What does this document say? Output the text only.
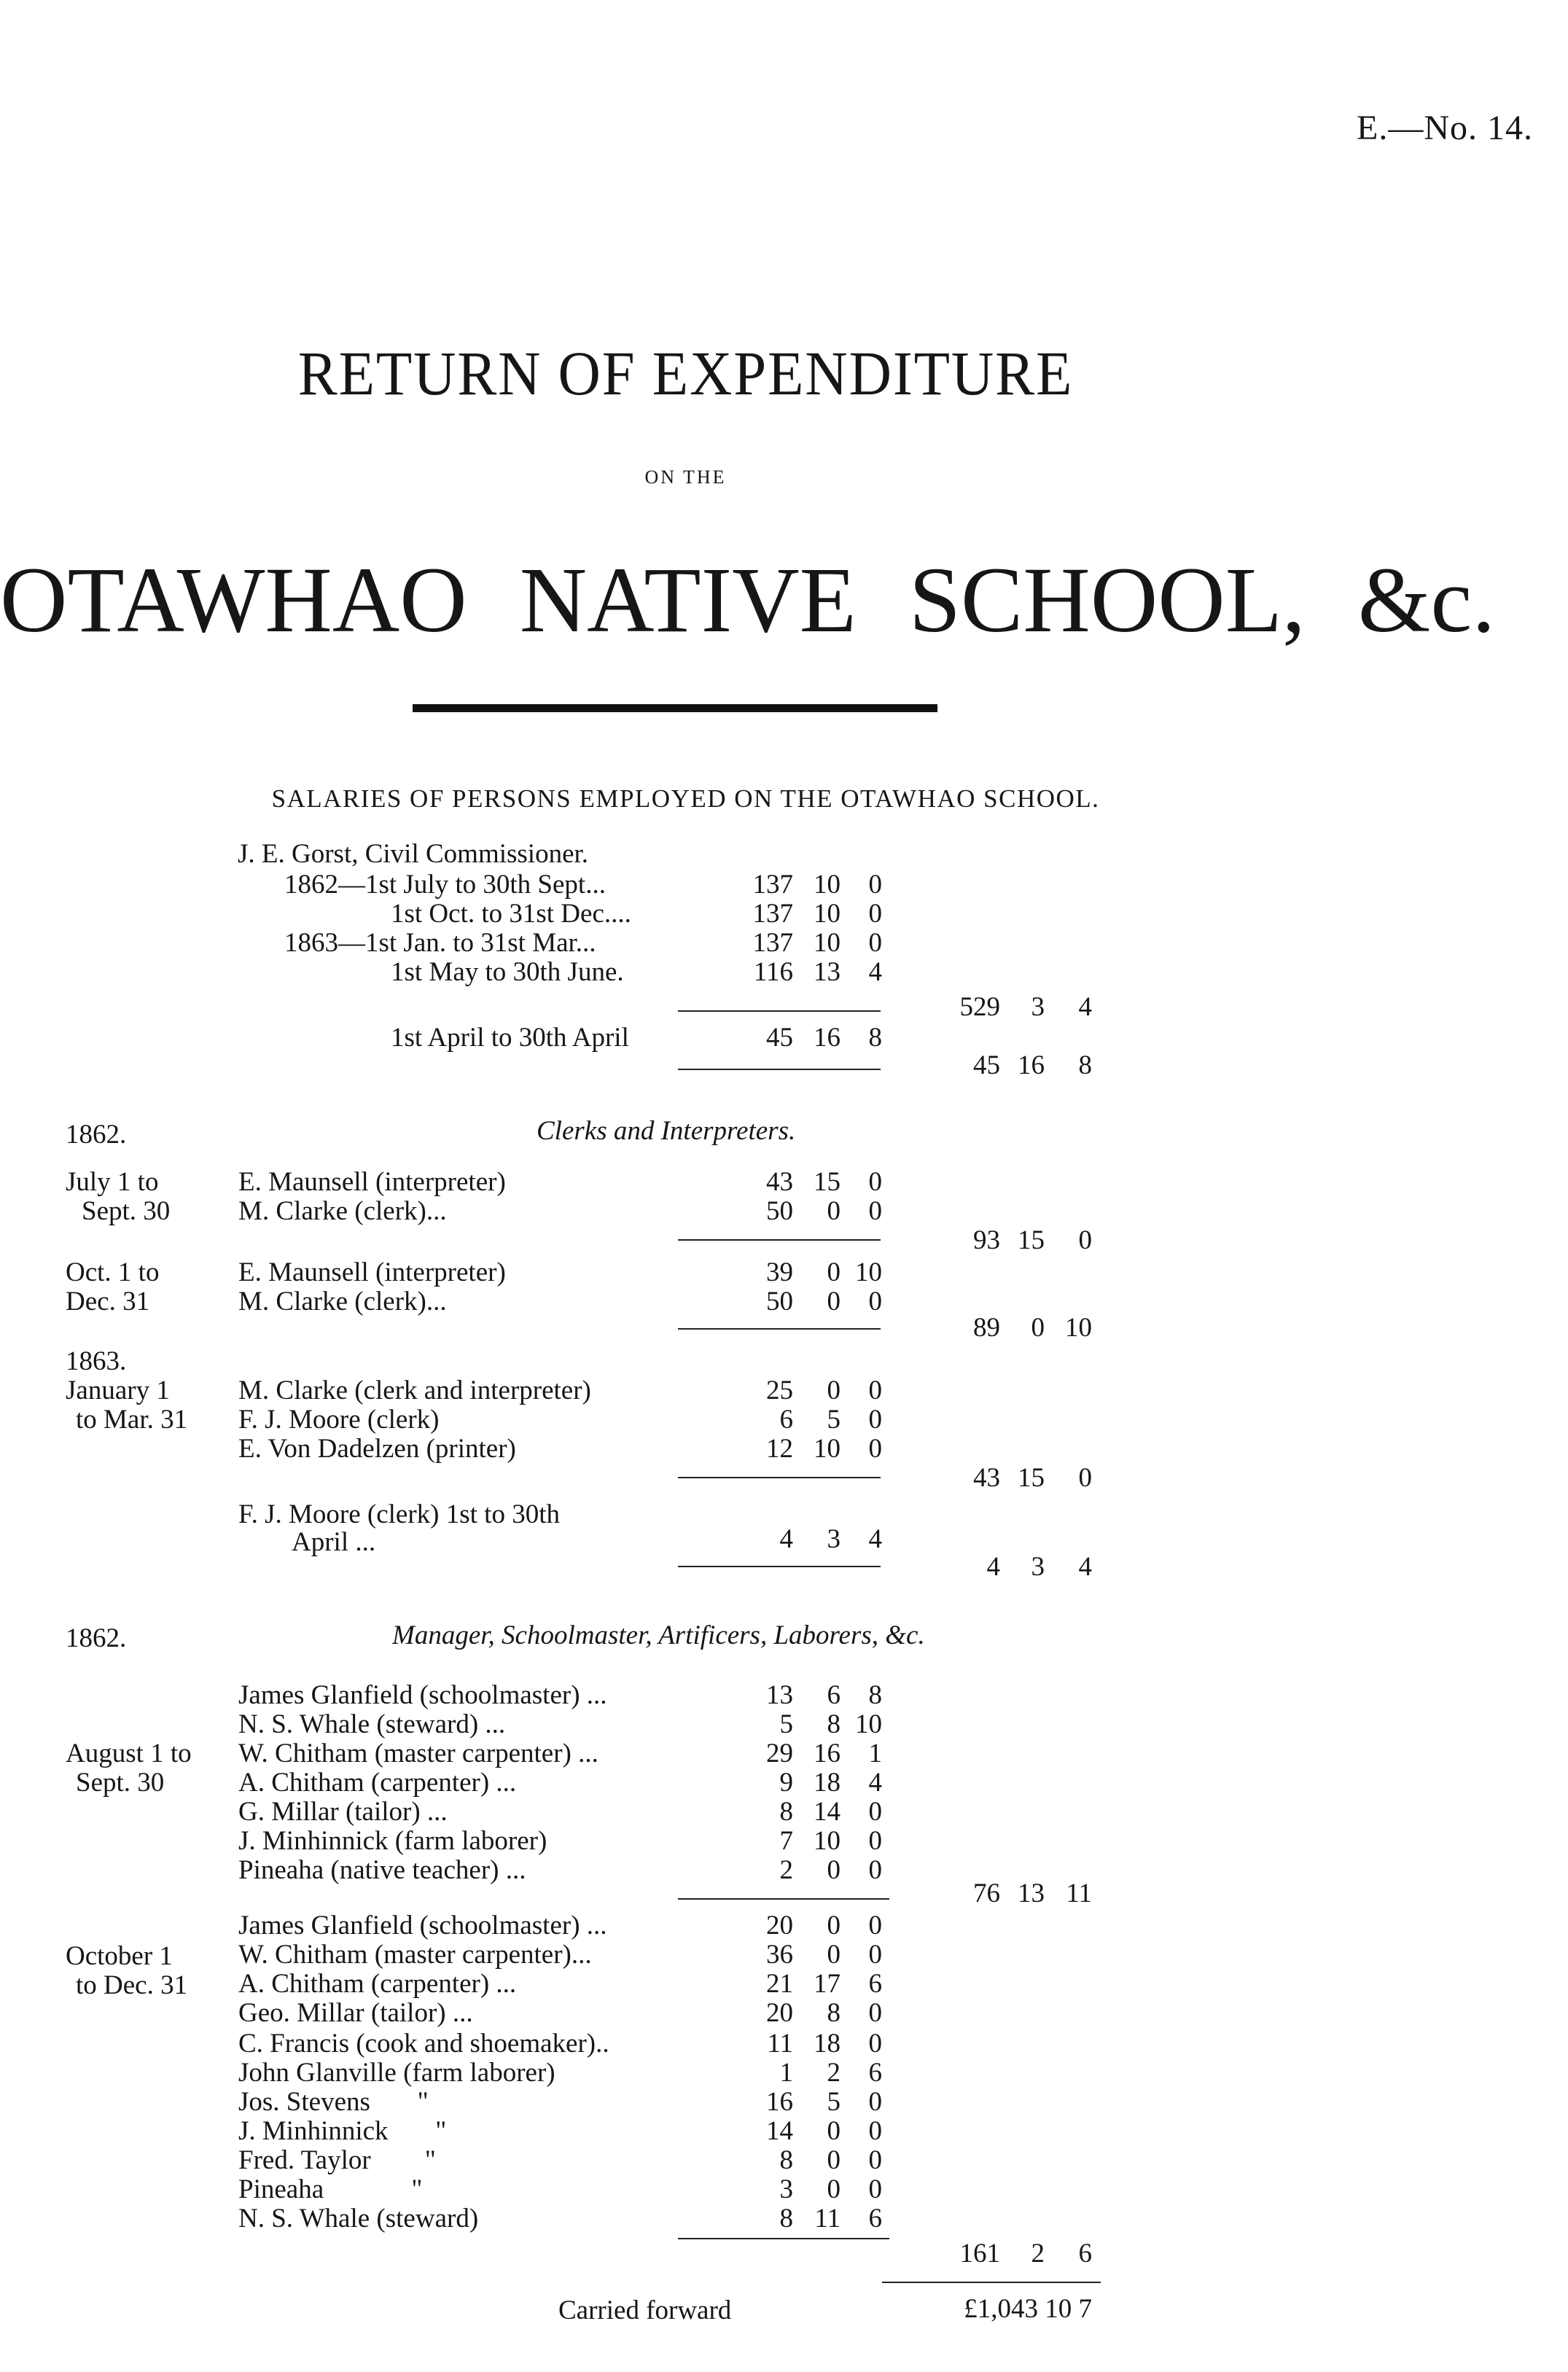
E.—No. 14.
RETURN OF EXPENDITURE
ON THE
OTAWHAO NATIVE SCHOOL, &c.
SALARIES OF PERSONS EMPLOYED ON THE OTAWHAO SCHOOL.
J. E. Gorst, Civil Commissioner.
1862—1st July to 30th Sept...	137 10 0
1st Oct. to 31st Dec....	137 10 0
1863—1st Jan. to 31st Mar...	137 10 0
1st May to 30th June.	116 13 4
529 3 4
1st April to 30th April	45 16 8
45 16 8
1862.	Clerks and Interpreters.
July 1 to
Sept. 30
E. Maunsell (interpreter)	43 15 0
M. Clarke (clerk)...	50 0 0
93 15 0
Oct. 1 to
Dec. 31
E. Maunsell (interpreter)	39 0 10
M. Clarke (clerk)...	50 0 0
89 0 10
1863.
January 1
to Mar. 31
M. Clarke (clerk and interpreter)	25 0 0
F. J. Moore (clerk)	6 5 0
E. Von Dadelzen (printer)	12 10 0
43 15 0
F. J. Moore (clerk) 1st to 30th
April ...	4 3 4
4 3 4
1862.	Manager, Schoolmaster, Artificers, Laborers, &c.
August 1 to
Sept. 30
James Glanfield (schoolmaster) ...	13 6 8
N. S. Whale (steward) ...	5 8 10
W. Chitham (master carpenter) ...	29 16 1
A. Chitham (carpenter) ...	9 18 4
G. Millar (tailor) ...	8 14 0
J. Minhinnick (farm laborer)	7 10 0
Pineaha (native teacher) ...	2 0 0
76 13 11
October 1
to Dec. 31
James Glanfield (schoolmaster) ...	20 0 0
W. Chitham (master carpenter)...	36 0 0
A. Chitham (carpenter) ...	21 17 6
Geo. Millar (tailor) ...	20 8 0
C. Francis (cook and shoemaker)..	11 18 0
John Glanville (farm laborer)	1 2 6
Jos. Stevens       "	16 5 0
J. Minhinnick       "	14 0 0
Fred. Taylor        "	8 0 0
Pineaha             "	3 0 0
N. S. Whale (steward)	8 11 6
161 2 6
Carried forward	£1,043 10 7
